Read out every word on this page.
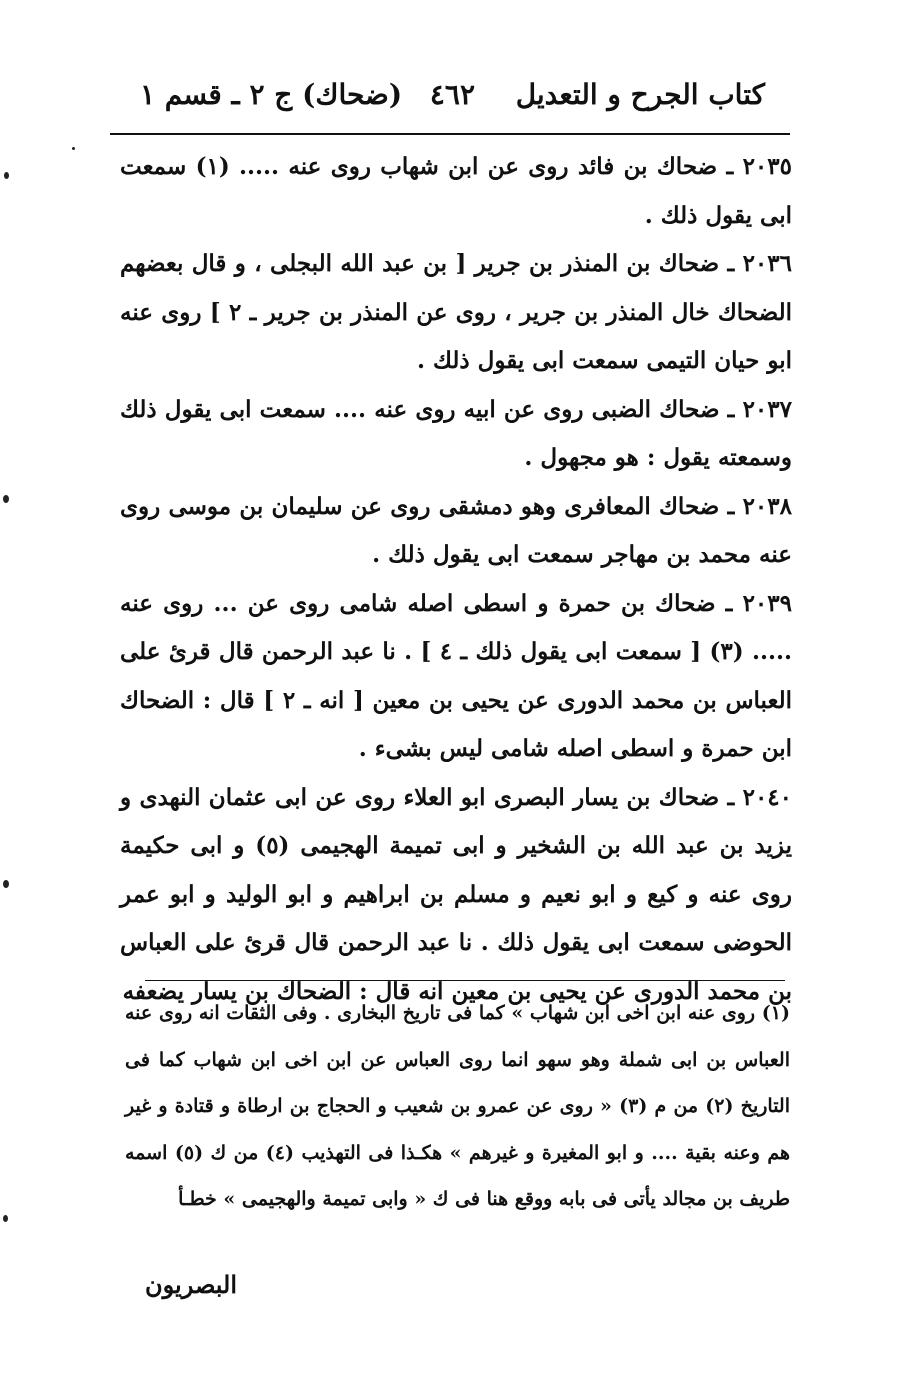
كتاب الجرح و التعديل
٤٦٢
(ضحاك) ج ٢ ـ قسم ١

٢٠٣٥ ـ ضحاك بن فائد روى عن ابن شهاب روى عنه ..... (١) سمعت ابى يقول ذلك .

٢٠٣٦ ـ ضحاك بن المنذر بن جرير [ بن عبد الله البجلى ، و قال بعضهم الضحاك خال المنذر بن جرير ، روى عن المنذر بن جرير ـ ٢ ] روى عنه ابو حيان التيمى سمعت ابى يقول ذلك .

٢٠٣٧ ـ ضحاك الضبى روى عن ابيه روى عنه .... سمعت ابى يقول ذلك وسمعته يقول : هو مجهول .

٢٠٣٨ ـ ضحاك المعافرى وهو دمشقى روى عن سليمان بن موسى روى عنه محمد بن مهاجر سمعت ابى يقول ذلك .

٢٠٣٩ ـ ضحاك بن حمرة و اسطى اصله شامى روى عن ... روى عنه ..... (٣) [ سمعت ابى يقول ذلك ـ ٤ ] . نا عبد الرحمن قال قرئ على العباس بن محمد الدورى عن يحيى بن معين [ انه ـ ٢ ] قال : الضحاك ابن حمرة و اسطى اصله شامى ليس بشىء .

٢٠٤٠ ـ ضحاك بن يسار البصرى ابو العلاء روى عن ابى عثمان النهدى و يزيد بن عبد الله بن الشخير و ابى تميمة الهجيمى (٥) و ابى حكيمة روى عنه و كيع و ابو نعيم و مسلم بن ابراهيم و ابو الوليد و ابو عمر الحوضى سمعت ابى يقول ذلك . نا عبد الرحمن قال قرئ على العباس بن محمد الدورى عن يحيى بن معين انه قال : الضحاك بن يسار يضعفه

(١) روى عنه ابن اخى ابن شهاب » كما فى تاريخ البخارى . وفى الثقات انه روى عنه العباس بن ابى شملة وهو سهو انما روى العباس عن ابن اخى ابن شهاب كما فى التاريخ (٢) من م (٣) « روى عن عمرو بن شعيب و الحجاج بن ارطاة و قتادة و غير هم وعنه بقية .... و ابو المغيرة و غيرهم » هكـذا فى التهذيب (٤) من ك (٥) اسمه طريف بن مجالد يأتى فى بابه ووقع هنا فى ك « وابى تميمة والهجيمى » خطـأ

البصريون
